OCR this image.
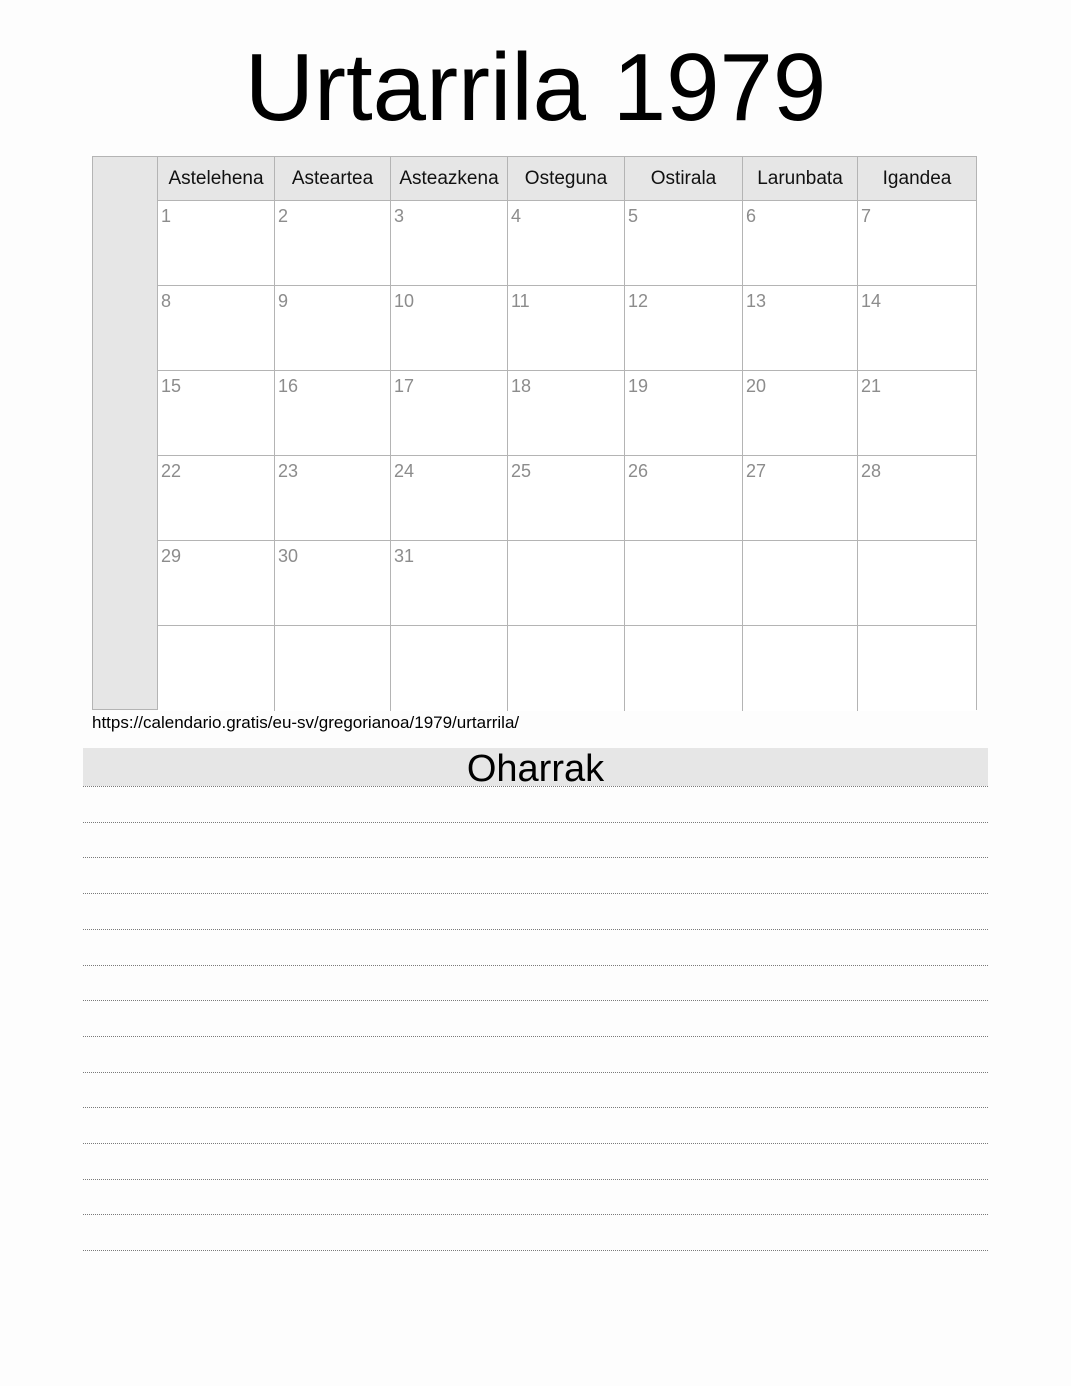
Urtarrila 1979
Astelehena	Asteartea	Asteazkena	Osteguna	Ostirala	Larunbata	Igandea
1	2	3	4	5	6	7
8	9	10	11	12	13	14
15	16	17	18	19	20	21
22	23	24	25	26	27	28
29	30	31
https://calendario.gratis/eu-sv/gregorianoa/1979/urtarrila/
Oharrak
